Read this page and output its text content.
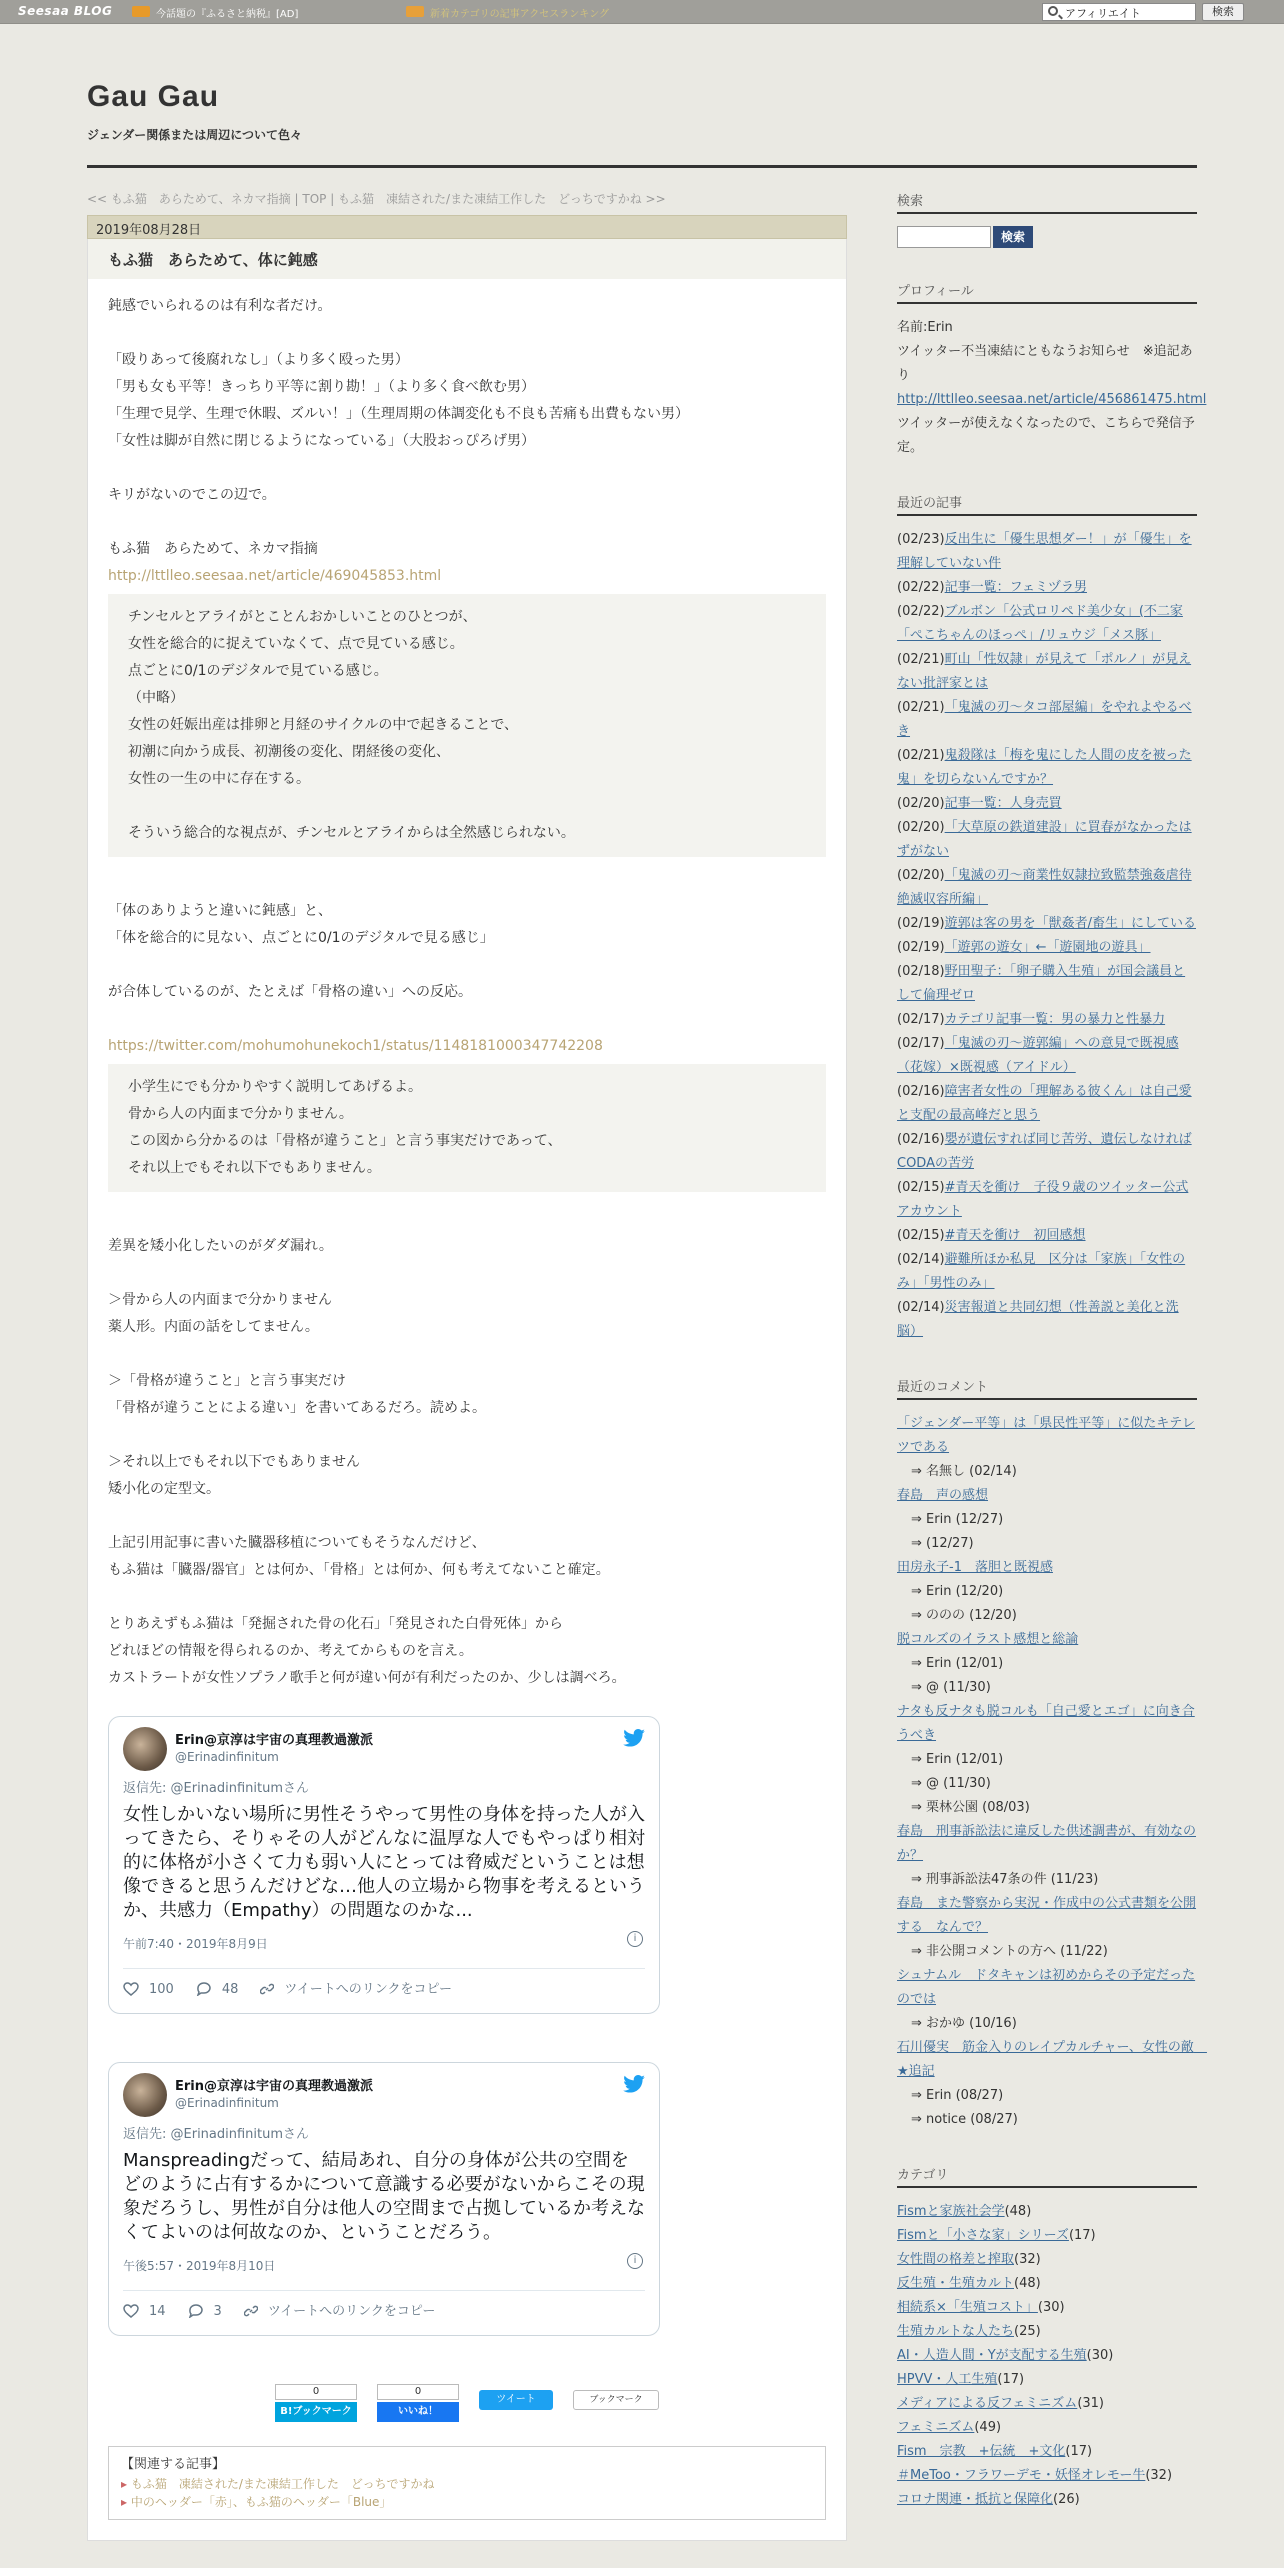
Seesaa BLOG	今話題の『ふるさと納税』[AD]	新着カテゴリの記事アクセスランキング	アフィリエイト	検索
Gau Gau
ジェンダー関係または周辺について色々
<< もふ猫　あらためて、ネカマ指摘 | TOP | もふ猫　凍結された/また凍結工作した　どっちですかね >>
2019年08月28日
もふ猫　あらためて、体に鈍感

鈍感でいられるのは有利な者だけ。

「殴りあって後腐れなし」（より多く殴った男）

「男も女も平等！きっちり平等に割り勘！」（より多く食べ飲む男）

「生理で見学、生理で休暇、ズルい！」（生理周期の体調変化も不良も苦痛も出費もない男）

「女性は脚が自然に閉じるようになっている」（大股おっぴろげ男）

キリがないのでこの辺で。

もふ猫　あらためて、ネカマ指摘

http://lttlleo.seesaa.net/article/469045853.html

チンセルとアライがとことんおかしいことのひとつが、

女性を総合的に捉えていなくて、点で見ている感じ。

点ごとに0/1のデジタルで見ている感じ。

（中略）

女性の妊娠出産は排卵と月経のサイクルの中で起きることで、

初潮に向かう成長、初潮後の変化、閉経後の変化、

女性の一生の中に存在する。

そういう総合的な視点が、チンセルとアライからは全然感じられない。

「体のありようと違いに鈍感」と、

「体を総合的に見ない、点ごとに0/1のデジタルで見る感じ」

が合体しているのが、たとえば「骨格の違い」への反応。

https://twitter.com/mohumohunekoch1/status/1148181000347742208

小学生にでも分かりやすく説明してあげるよ。

骨から人の内面まで分かりません。

この図から分かるのは「骨格が違うこと」と言う事実だけであって、

それ以上でもそれ以下でもありません。

差異を矮小化したいのがダダ漏れ。

＞骨から人の内面まで分かりません

薬人形。内面の話をしてません。

＞「骨格が違うこと」と言う事実だけ

「骨格が違うことによる違い」を書いてあるだろ。読めよ。

＞それ以上でもそれ以下でもありません

矮小化の定型文。

上記引用記事に書いた臓器移植についてもそうなんだけど、

もふ猫は「臓器/器官」とは何か、「骨格」とは何か、何も考えてないこと確定。

とりあえずもふ猫は「発掘された骨の化石」「発見された白骨死体」から

どれほどの情報を得られるのか、考えてからものを言え。

カストラートが女性ソプラノ歌手と何が違い何が有利だったのか、少しは調べろ。

Erin@京淳は宇宙の真理教過激派
@Erinadinfinitum
返信先: @Erinadinfinitumさん
女性しかいない場所に男性そうやって男性の身体を持った人が入ってきたら、そりゃその人がどんなに温厚な人でもやっぱり相対的に体格が小さくて力も弱い人にとっては脅威だということは想像できると思うんだけどな…他人の立場から物事を考えるというか、共感力（Empathy）の問題なのかな...
午前7:40・2019年8月9日	i
100	48	ツイートへのリンクをコピー
Erin@京淳は宇宙の真理教過激派
@Erinadinfinitum
返信先: @Erinadinfinitumさん
Manspreadingだって、結局あれ、自分の身体が公共の空間をどのように占有するかについて意識する必要がないからこその現象だろうし、男性が自分は他人の空間まで占拠しているか考えなくてよいのは何故なのか、ということだろう。
午後5:57・2019年8月10日	i
14	3	ツイートへのリンクをコピー
0
B!ブックマーク
0
いいね！
ツイート	ブックマーク
【関連する記事】
▸ もふ猫　凍結された/また凍結工作した　どっちですかね
▸ 中のヘッダー「赤」、もふ猫のヘッダー「Blue」
検索
検索
プロフィール
名前:Erin
ツイッター不当凍結にともなうお知らせ　※追記あり
http://lttlleo.seesaa.net/article/456861475.html
ツイッターが使えなくなったので、こちらで発信予定。
最近の記事
(02/23)反出生に「優生思想ダー！」が「優生」を理解していない件
(02/22)記事一覧：フェミヅラ男
(02/22)ブルボン「公式ロリペド美少女」(不二家「ぺこちゃんのほっぺ」/リュウジ「メス豚」
(02/21)町山「性奴隷」が見えて「ポルノ」が見えない批評家とは
(02/21)「鬼滅の刃～タコ部屋編」をやれよやるべき
(02/21)鬼殺隊は「梅を鬼にした人間の皮を被った鬼」を切らないんですか？
(02/20)記事一覧：人身売買
(02/20)「大草原の鉄道建設」に買春がなかったはずがない
(02/20)「鬼滅の刃～商業性奴隷拉致監禁強姦虐待絶滅収容所編」
(02/19)遊郭は客の男を「獣姦者/畜生」にしている
(02/19)「遊郭の遊女」←「遊園地の遊具」
(02/18)野田聖子：「卵子購入生殖」が国会議員として倫理ゼロ
(02/17)カテゴリ記事一覧：男の暴力と性暴力
(02/17)「鬼滅の刃～遊郭編」への意見で既視感（花嫁）×既視感（アイドル）
(02/16)障害者女性の「理解ある彼くん」は自己愛と支配の最高峰だと思う
(02/16)嬰が遺伝すれば同じ苦労、遺伝しなければCODAの苦労
(02/15)#青天を衝け　子役９歳のツイッター公式アカウント
(02/15)#青天を衝け　初回感想
(02/14)避難所ほか私見　区分は「家族」「女性のみ」「男性のみ」
(02/14)災害報道と共同幻想（性善説と美化と洗脳）
最近のコメント
「ジェンダー平等」は「県民性平等」に似たキテレツである
⇒ 名無し (02/14)
春島　声の感想
⇒ Erin (12/27)
⇒ (12/27)
田房永子-1　落胆と既視感
⇒ Erin (12/20)
⇒ ののの (12/20)
脱コルズのイラスト感想と総論
⇒ Erin (12/01)
⇒ @ (11/30)
ナタも反ナタも脱コルも「自己愛とエゴ」に向き合うべき
⇒ Erin (12/01)
⇒ @ (11/30)
⇒ 栗林公園 (08/03)
春島　刑事訴訟法に違反した供述調書が、有効なのか？
⇒ 刑事訴訟法47条の件 (11/23)
春島　また警察から実況・作成中の公式書類を公開する　なんで？
⇒ 非公開コメントの方へ (11/22)
シュナムル　ドタキャンは初めからその予定だったのでは
⇒ おかゆ (10/16)
石川優実　筋金入りのレイプカルチャー、女性の敵　★追記
⇒ Erin (08/27)
⇒ notice (08/27)
カテゴリ
Fismと家族社会学(48)
Fismと「小さな家」シリーズ(17)
女性間の格差と搾取(32)
反生殖・生殖カルト(48)
相続系×「生殖コスト」(30)
生殖カルトな人たち(25)
AI・人造人間・Yが支配する生殖(30)
HPVV・人工生殖(17)
メディアによる反フェミニズム(31)
フェミニズム(49)
Fism　宗教　+伝統　+文化(17)
＃MeToo・フラワーデモ・妖怪オレモー牛(32)
コロナ関連・抵抗と保障化(26)
